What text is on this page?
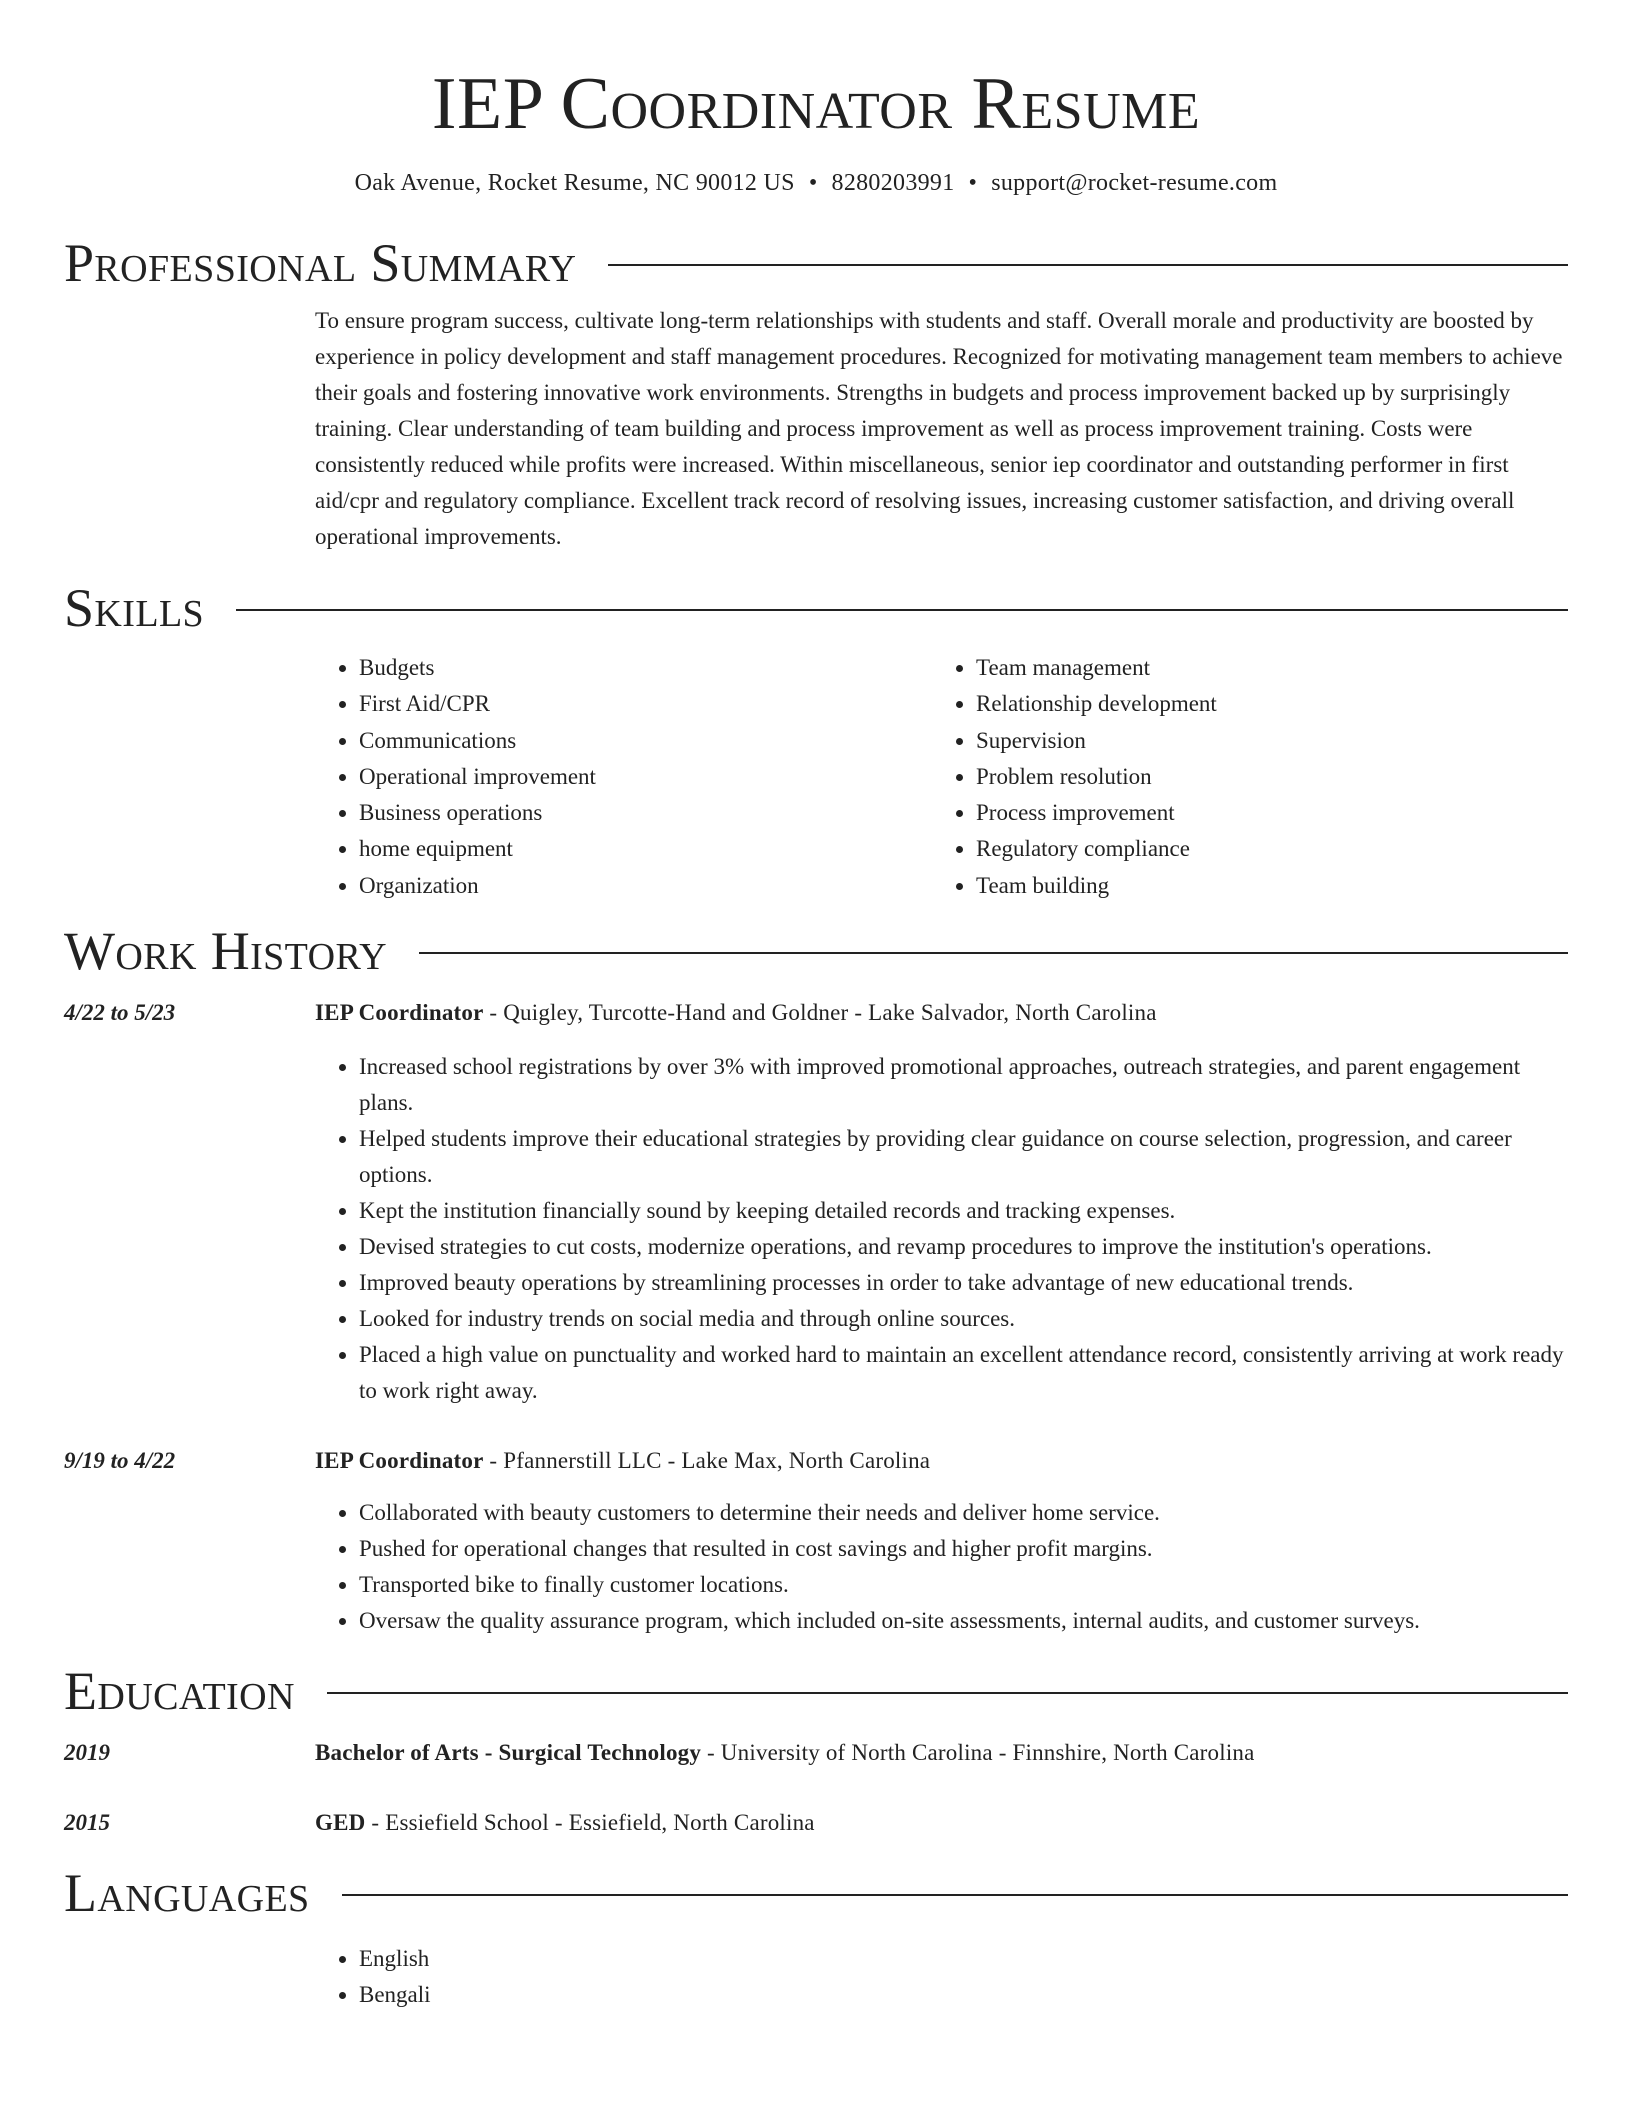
IEP Coordinator Resume
Oak Avenue, Rocket Resume, NC 90012 US • 8280203991 • support@rocket-resume.com
Professional Summary

To ensure program success, cultivate long-term relationships with students and staff. Overall morale and productivity are boosted by experience in policy development and staff management procedures. Recognized for motivating management team members to achieve their goals and fostering innovative work environments. Strengths in budgets and process improvement backed up by surprisingly training. Clear understanding of team building and process improvement as well as process improvement training. Costs were consistently reduced while profits were increased. Within miscellaneous, senior iep coordinator and outstanding performer in first aid/cpr and regulatory compliance. Excellent track record of resolving issues, increasing customer satisfaction, and driving overall operational improvements.

Skills
• Budgets
• First Aid/CPR
• Communications
• Operational improvement
• Business operations
• home equipment
• Organization
• Team management
• Relationship development
• Supervision
• Problem resolution
• Process improvement
• Regulatory compliance
• Team building
Work History
4/22 to 5/23	IEP Coordinator - Quigley, Turcotte-Hand and Goldner - Lake Salvador, North Carolina
• Increased school registrations by over 3% with improved promotional approaches, outreach strategies, and parent engagement plans.
• Helped students improve their educational strategies by providing clear guidance on course selection, progression, and career options.
• Kept the institution financially sound by keeping detailed records and tracking expenses.
• Devised strategies to cut costs, modernize operations, and revamp procedures to improve the institution's operations.
• Improved beauty operations by streamlining processes in order to take advantage of new educational trends.
• Looked for industry trends on social media and through online sources.
• Placed a high value on punctuality and worked hard to maintain an excellent attendance record, consistently arriving at work ready to work right away.
9/19 to 4/22	IEP Coordinator - Pfannerstill LLC - Lake Max, North Carolina
• Collaborated with beauty customers to determine their needs and deliver home service.
• Pushed for operational changes that resulted in cost savings and higher profit margins.
• Transported bike to finally customer locations.
• Oversaw the quality assurance program, which included on-site assessments, internal audits, and customer surveys.
Education
2019	Bachelor of Arts - Surgical Technology - University of North Carolina - Finnshire, North Carolina
2015	GED - Essiefield School - Essiefield, North Carolina
Languages
• English
• Bengali
